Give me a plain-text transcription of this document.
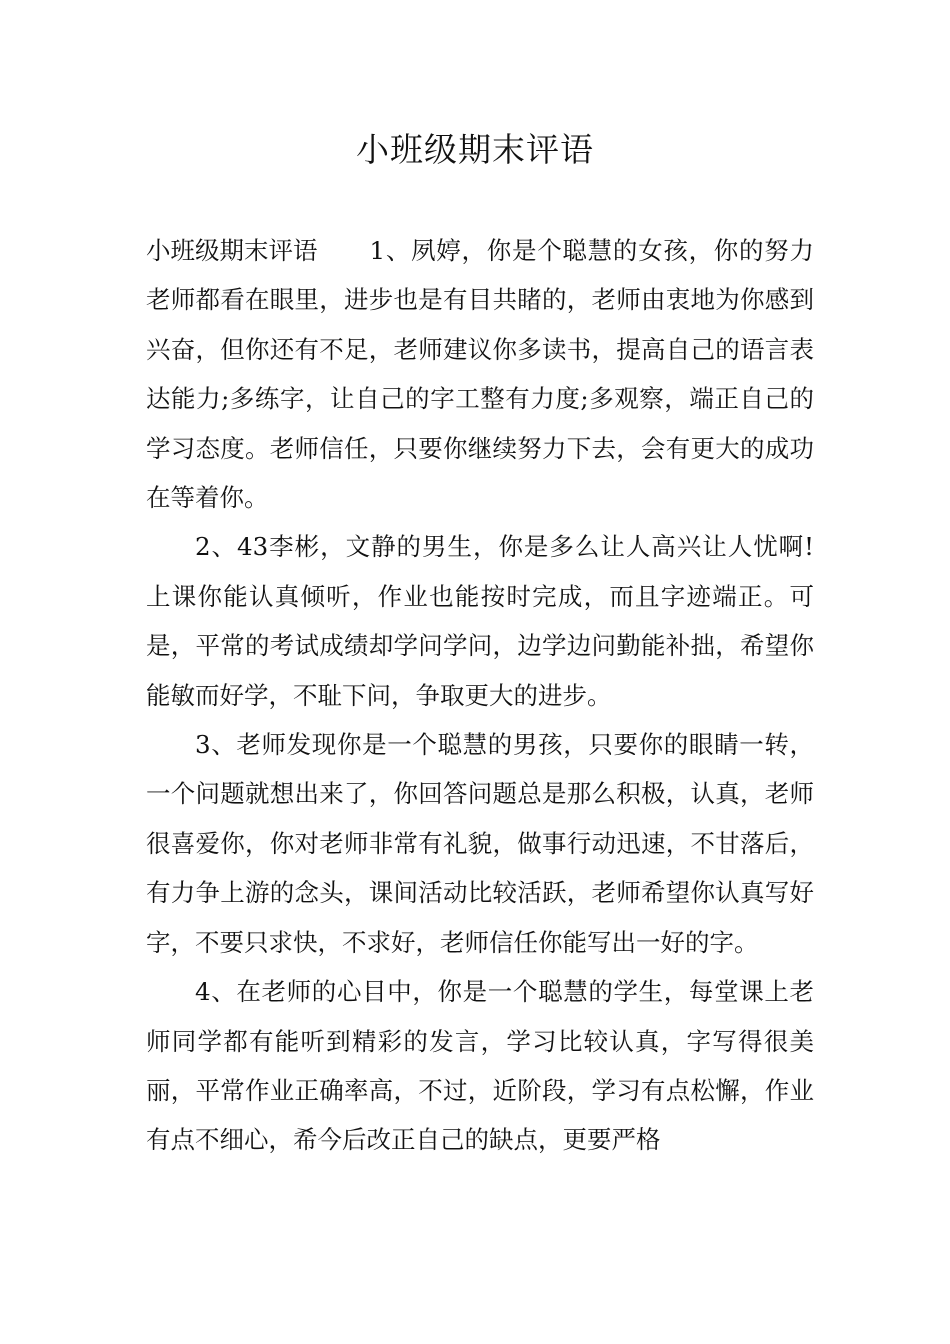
小班级期末评语

小班级期末评语 1、夙婷，你是个聪慧的女孩，你的努力老师都看在眼里，进步也是有目共睹的，老师由衷地为你感到兴奋，但你还有不足，老师建议你多读书，提高自己的语言表达能力;多练字，让自己的字工整有力度;多观察，端正自己的学习态度。老师信任，只要你继续努力下去，会有更大的成功在等着你。

2、43李彬，文静的男生，你是多么让人高兴让人忧啊!上课你能认真倾听，作业也能按时完成，而且字迹端正。可是，平常的考试成绩却学问学问，边学边问勤能补拙，希望你能敏而好学，不耻下问，争取更大的进步。

3、老师发现你是一个聪慧的男孩，只要你的眼睛一转，一个问题就想出来了，你回答问题总是那么积极，认真，老师很喜爱你，你对老师非常有礼貌，做事行动迅速，不甘落后，有力争上游的念头，课间活动比较活跃，老师希望你认真写好字，不要只求快，不求好，老师信任你能写出一好的字。

4、在老师的心目中，你是一个聪慧的学生，每堂课上老师同学都有能听到精彩的发言，学习比较认真，字写得很美丽，平常作业正确率高，不过，近阶段，学习有点松懈，作业有点不细心，希今后改正自己的缺点，更要严格
